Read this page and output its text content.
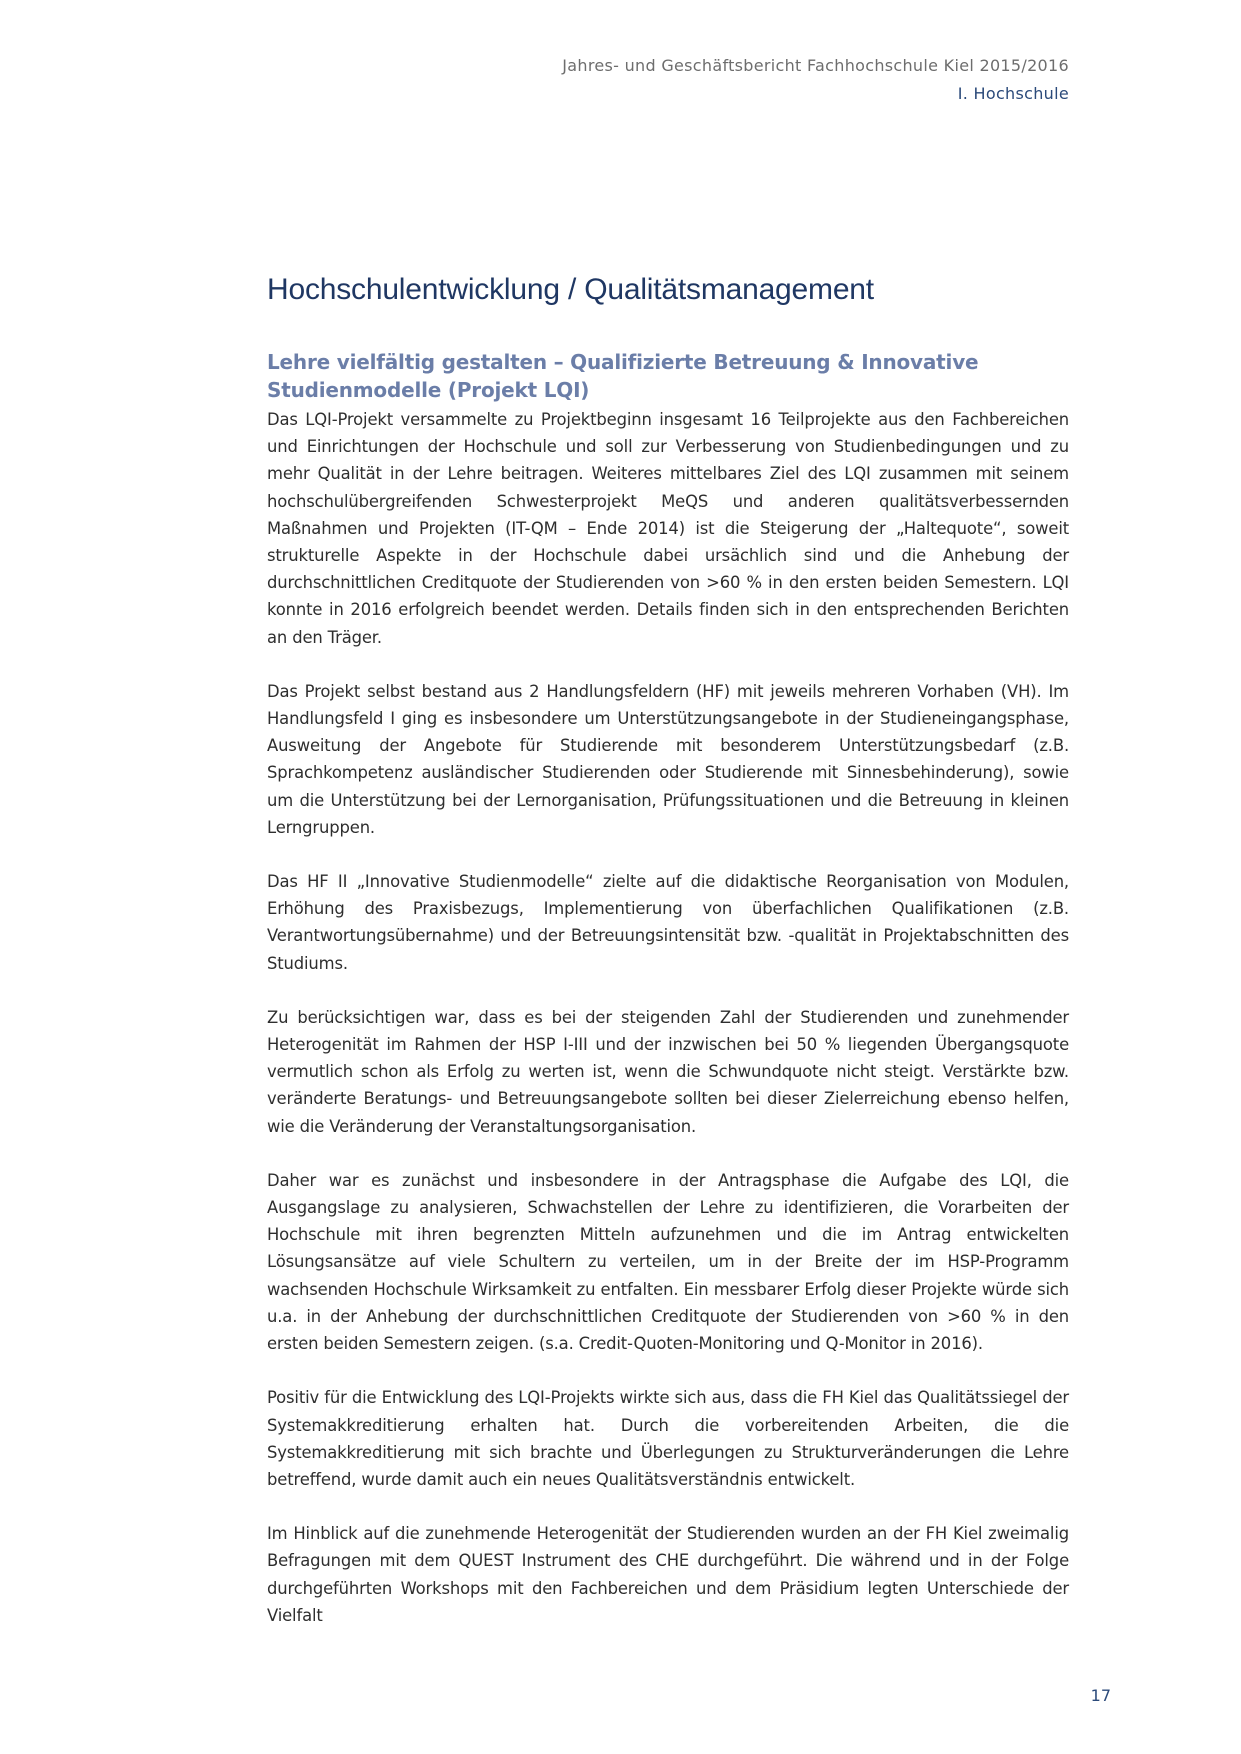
Jahres- und Geschäftsbericht Fachhochschule Kiel 2015/2016
I. Hochschule
Hochschulentwicklung / Qualitätsmanagement
Lehre vielfältig gestalten – Qualifizierte Betreuung & Innovative Studienmodelle (Projekt LQI)

Das LQI-Projekt versammelte zu Projektbeginn insgesamt 16 Teilprojekte aus den Fachbereichen und Einrichtungen der Hochschule und soll zur Verbesserung von Studienbedingungen und zu mehr Qualität in der Lehre beitragen. Weiteres mittelbares Ziel des LQI zusammen mit seinem hochschulübergreifenden Schwesterprojekt MeQS und anderen qualitätsverbessernden Maßnahmen und Projekten (IT-QM – Ende 2014) ist die Steigerung der „Haltequote“, soweit strukturelle Aspekte in der Hochschule dabei ursächlich sind und die Anhebung der durchschnittlichen Creditquote der Studierenden von >60 % in den ersten beiden Semestern. LQI konnte in 2016 erfolgreich beendet werden. Details finden sich in den entsprechenden Berichten an den Träger.

Das Projekt selbst bestand aus 2 Handlungsfeldern (HF) mit jeweils mehreren Vorhaben (VH). Im Handlungsfeld I ging es insbesondere um Unterstützungsangebote in der Studieneingangsphase, Ausweitung der Angebote für Studierende mit besonderem Unterstützungsbedarf (z.B. Sprachkompetenz ausländischer Studierenden oder Studierende mit Sinnesbehinderung), sowie um die Unterstützung bei der Lernorganisation, Prüfungssituationen und die Betreuung in kleinen Lerngruppen.

Das HF II „Innovative Studienmodelle“ zielte auf die didaktische Reorganisation von Modulen, Erhöhung des Praxisbezugs, Implementierung von überfachlichen Qualifikationen (z.B. Verantwortungsübernahme) und der Betreuungsintensität bzw. -qualität in Projektabschnitten des Studiums.

Zu berücksichtigen war, dass es bei der steigenden Zahl der Studierenden und zunehmender Heterogenität im Rahmen der HSP I-III und der inzwischen bei 50 % liegenden Übergangsquote vermutlich schon als Erfolg zu werten ist, wenn die Schwundquote nicht steigt. Verstärkte bzw. veränderte Beratungs- und Betreuungsangebote sollten bei dieser Zielerreichung ebenso helfen, wie die Veränderung der Veranstaltungsorganisation.

Daher war es zunächst und insbesondere in der Antragsphase die Aufgabe des LQI, die Ausgangslage zu analysieren, Schwachstellen der Lehre zu identifizieren, die Vorarbeiten der Hochschule mit ihren begrenzten Mitteln aufzunehmen und die im Antrag entwickelten Lösungsansätze auf viele Schultern zu verteilen, um in der Breite der im HSP-Programm wachsenden Hochschule Wirksamkeit zu entfalten. Ein messbarer Erfolg dieser Projekte würde sich u.a. in der Anhebung der durchschnittlichen Creditquote der Studierenden von >60 % in den ersten beiden Semestern zeigen. (s.a. Credit-Quoten-Monitoring und Q-Monitor in 2016).

Positiv für die Entwicklung des LQI-Projekts wirkte sich aus, dass die FH Kiel das Qualitätssiegel der Systemakkreditierung erhalten hat. Durch die vorbereitenden Arbeiten, die die Systemakkreditierung mit sich brachte und Überlegungen zu Strukturveränderungen die Lehre betreffend, wurde damit auch ein neues Qualitätsverständnis entwickelt.

Im Hinblick auf die zunehmende Heterogenität der Studierenden wurden an der FH Kiel zweimalig Befragungen mit dem QUEST Instrument des CHE durchgeführt. Die während und in der Folge durchgeführten Workshops mit den Fachbereichen und dem Präsidium legten Unterschiede der Vielfalt

17
